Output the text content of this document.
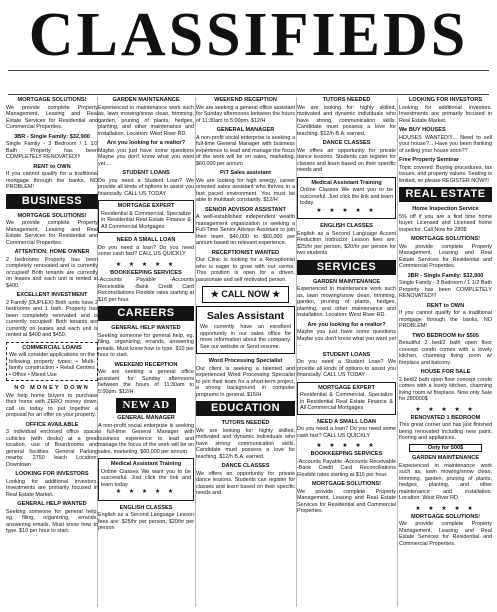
CLASSIFIEDS
MORTGAGE SOLUTIONS!
We provide complete Property Management, Leasing and Real Estate Services for Residential and Commercial Properties.
3BR - Single Family: $32,900
Single Family - 3 Bedroom / 1 1/2 Bath Property has been COMPLETELY RENOVATED!!!
RENT to OWN
If you cannot qualify for a traditional mortgage through the banks, NO PROBLEM!
BUSINESS
MORTGAGE SOLUTIONS!
We provide complete Property Management, Leasing and Real Estate Services for Residential and Commercial Properties.
ATTENTION: HOME OWNER
2 bedrooms Property has been completely renovated and is currently occupied! Both tenants are currently on leases and each unit is rented at $400.
EXCELLENT INVESTMENT
2 Family (DUPLEX) Both units have 2 bedrooms and 1 bath. Property has been completely renovated and is currently occupied! Both tenants are currently on leases and each unit is rented at $400 and $450.
COMMERCIAL LOANS
We will consider applications on the following property types: • Multi-family construction • Retail Centres • Office • Mixed Use
NO MONEY DOWN
We help home buyers to purchase their home with ZERO money down, call us today to put together a proposal for an offer on your property.
OFFICE AVAILABLE
3 individual enclosed office space cubicles (with desks) at a great location, use of Boardrooms and general facilities. General Parking nearby. 2750 /each Location: Downtown
LOOKING FOR INVESTORS
Looking for additional investors. Investments are primarily focused in Real Estate Market.
GENERAL HELP WANTED
Seeking someone for general help, eg. filing, organizing, errands, answering emails. Must know how to type. $10 per hour to start.
GARDEN MAINTENANCE
Experienced in maintenance work such as, lawn mowing/snow clean, trimming, garden, pruning of plants, hedges, planting, and other maintenance and installation. Location: West River RD.
Are you looking for a realtor?
Maybe you just have some questions Maybe you don't know what you want yet ...
STUDENT LOANS
Do you need a Student Loan? We provide all kinds of options to assist you financially. CALL US TODAY
MORTGAGE EXPERT
Residential & Commercial, Specialize in Residential Real Estate Finance & All Commercial Mortgages
NEED A SMALL LOAN
Do you need a loan? Do you need some cash fast? CALL US QUICKLY
★ ★ ★ ★ ★
BOOKKEEPING SERVICES
-Accounts Payable -Accounts Receivable -Bank Credit Card Reconciliations Flexible rates starting at $16 per hour.
CAREERS
GENERAL HELP WANTED
Seeking someone for general help, eg. filing, organizing, errands, answering emails. Must know how to type. $10 per hour to start.
WEEKEND RECEPTION
We are seeking a general office assistant for Sunday afternoons between the hours of 11:30am to 5:00pm. $12/H
NEW AD
GENERAL MANAGER
A non-profit social enterprise is seeking a full-time General Manager with business experience to lead and manage the focus of the work will be on sales, marketing, $60,000 per annum
Medical Assistant Training
Online Classes We want you to be successful. Just click the link and learn today.
★ ★ ★ ★ ★
ENGLISH CLASSES
English as a Second Language Lesson fees are: $25/hr per person, $20/hr per person
WEEKEND RECEPTION
We are seeking a general office assistant for Sunday afternoons between the hours of 11:30am to 5:00pm. $12/H
GENERAL MANAGER
A non-profit social enterprise is seeking a full-time General Manager with business experience to lead and manage the focus of the work will be on sales, marketing, $60,000 per annum
P/T Sales assistant
We are looking for high energy, career oriented sales assistant who thrives in a fast paced environment. You must be able to multitask constantly. $12/H
SENIOR ADVISOR ASSISTANT
A well-established independent wealth management organization is seeking a Full-Time Senior Advisor Assistant to join their team. $40,000 to $60,000 per annum based on relevant experience.
RECEPTIONIST WANTED
Our Clinic is looking for a Receptionist who is eager to grow with our centre. This position is open for a driven, passionate and self motivated person.
★ CALL NOW ★
Sales Assistant
We currently have an excellent opportunity in our sales office for more information about the company. See our website or Send resume.
Word Processing Specialist
Our client is seeking a talented and experienced Word Processing Specialist to join their team for a short-term project, a strong background in computer programs in general. $15/H
EDUCATION
TUTORS NEEDED
We are looking for: highly skilled, motivated and dynamic individuals who have strong communication skills. Candidate must possess a love for teaching. $12/h B.A. earned.
DANCE CLASSES
We offers an opportunity for private dance lessons. Students can register for classes and learn based on their specific needs and
TUTORS NEEDED
We are looking for: highly skilled, motivated and dynamic individuals who have strong communication skills. Candidate must possess a love for teaching. $12/h B.A. earned.
DANCE CLASSES
We offers an opportunity for private dance lessons. Students can register for classes and learn based on their specific needs and
Medical Assistant Training
Online Classes We want you to be successful. Just click the link and learn today.
★ ★ ★ ★ ★
ENGLISH CLASSES
English as a Second Language Accent Reduction Instructor Lesson fees are: $25/hr per person, $20/hr per person for two students
SERVICES
GARDEN MAINTENANCE
Experienced in maintenance work such as, lawn mowing/snow clean, trimming, garden, pruning of plants, hedges, planting, and other maintenance and installation. Location: West River RD.
Are you looking for a realtor?
Maybe you just have some questions Maybe you don't know what you want yet ...
STUDENT LOANS
Do you need a Student Loan? We provide all kinds of options to assist you financially. CALL US TODAY
MORTGAGE EXPERT
Residential & Commercial, Specialize in Residential Real Estate Finance & All Commercial Mortgages
NEED A SMALL LOAN
Do you need a loan? Do you need some cash fast? CALL US QUICKLY
★ ★ ★ ★ ★
BOOKKEEPING SERVICES
-Accounts Payable -Accounts Receivable -Bank Credit Card Reconciliations Flexible rates starting at $16 per hour.
MORTGAGE SOLUTIONS!
We provide complete Property Management, Leasing and Real Estate Services for Residential and Commercial Properties.
LOOKING FOR INVESTORS
Looking for additional investors. Investments are primarily focused in Real Estate Market.
We BUY HOUSES
HOUSES WANTED!!!... Need to sell your house?... Have you been thinking of selling your house soon??
Free Property Seminar
Topic covered: Buying procedures, tax issues, and property values. Seating is limited, so please REGISTER NOW!!!
REAL ESTATE
Home Inspection Service
5% off if you are a first time home buyer. Licensed and Licensed home inspector. Call Now for 280$
MORTGAGE SOLUTIONS!
We provide complete Property Management, Leasing and Real Estate Services for Residential and Commercial Properties.
3BR - Single Family: $32,900
Single Family - 3 Bedroom / 1 1/2 Bath Property has been COMPLETELY RENOVATED!!!
RENT to OWN
If you cannot qualify for a traditional mortgage through the banks, NO PROBLEM!
TWO BEDROOM for $505
Beautiful 2 bed/2 bath open floor concept condo comes with a lovely kitchen, charming living room w/ fireplace and balcony.
HOUSE FOR SALE
2 bed/2 bath open floor concept condo comes with a lovely kitchen, charming living room w/ fireplace. Now only Sale for 280000$
★ ★ ★ ★ ★
RENOVATED 1 BEDROOM
This great corner unit has just finished being renovated including new paint, flooring and appliances.
Only for 500$
GARDEN MAINTENANCE
Experienced in maintenance work such as, lawn mowing/snow clean, trimming, garden, pruning of plants, hedges, planting, and other maintenance and installation. Location: West River RD.
★ ★ ★ ★ ★
MORTGAGE SOLUTIONS!
We provide complete Property Management, Leasing and Real Estate Services for Residential and Commercial Properties.
